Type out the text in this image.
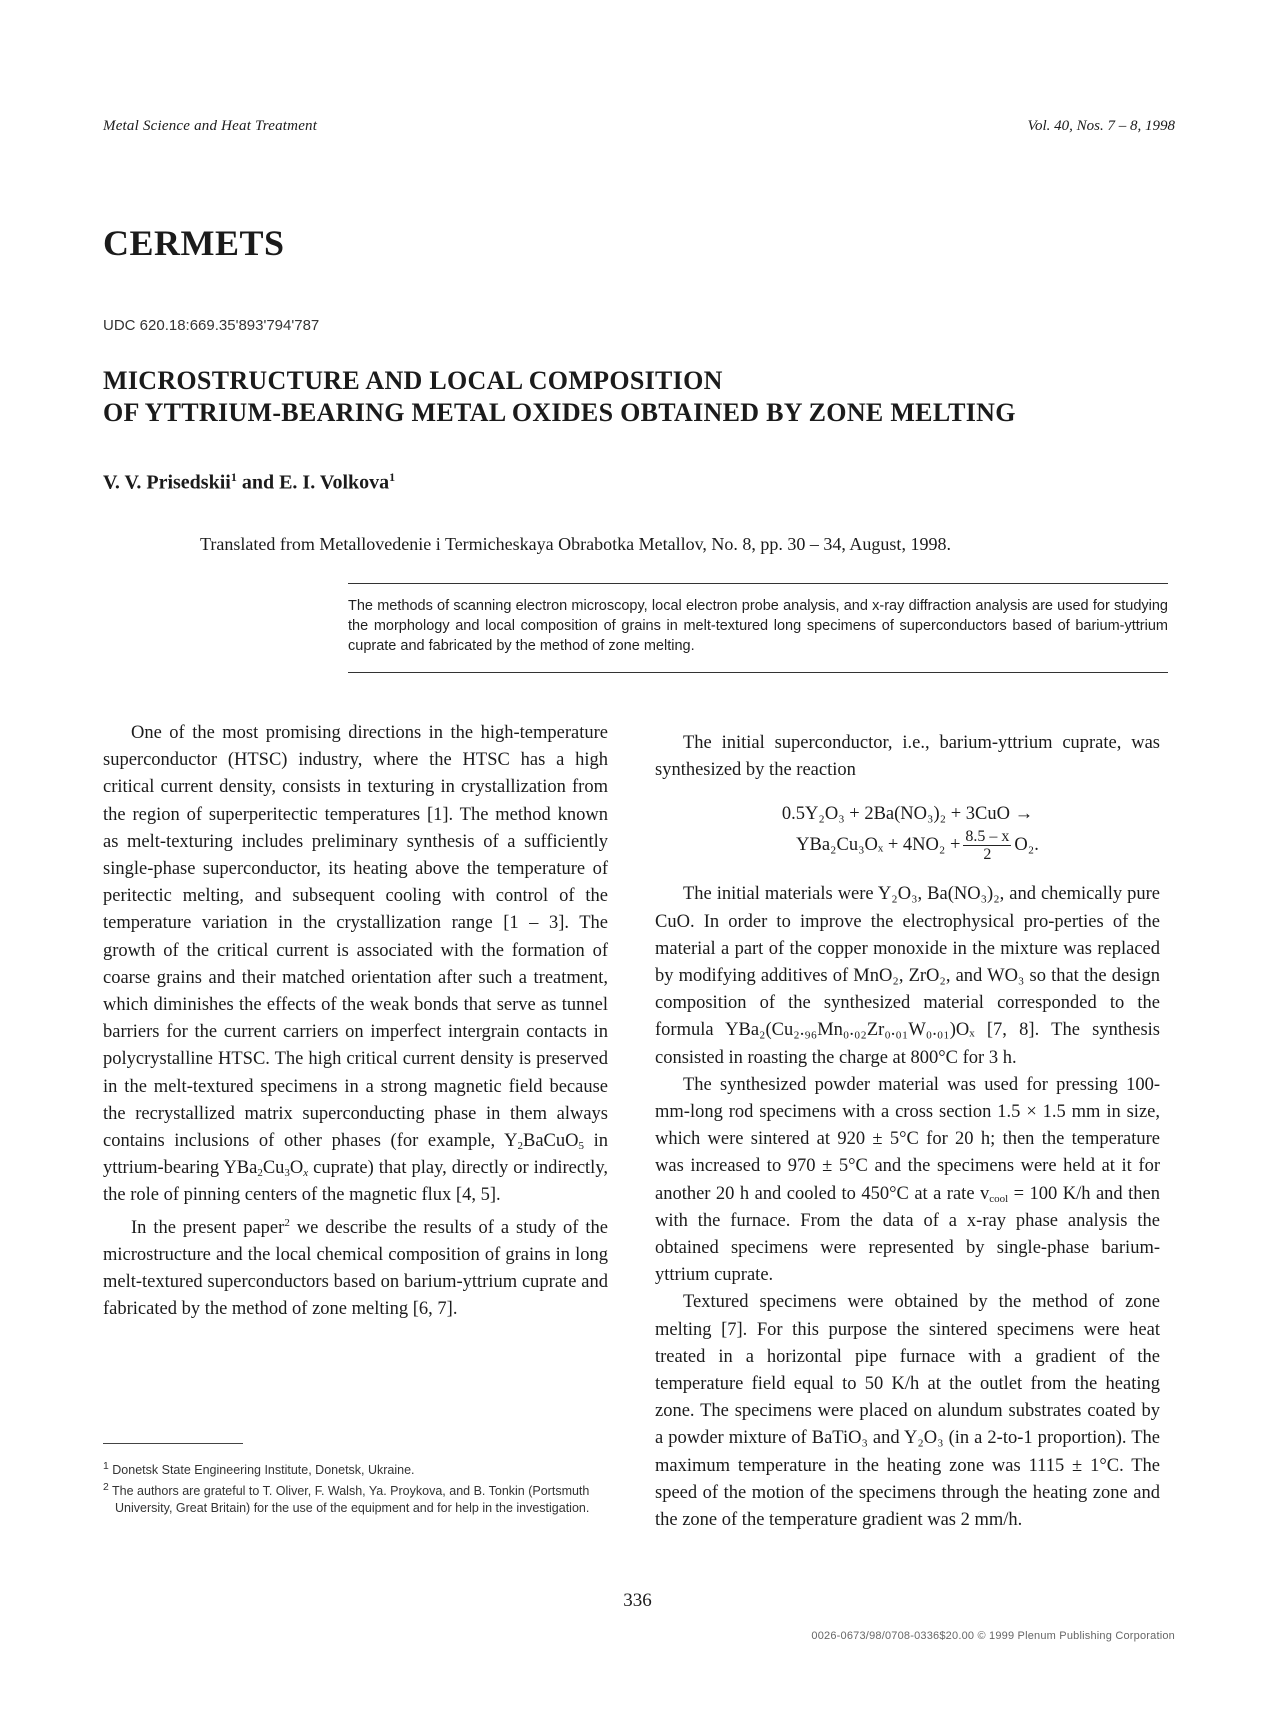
Metal Science and Heat Treatment	Vol. 40, Nos. 7 – 8, 1998
CERMETS
UDC 620.18:669.35'893'794'787
MICROSTRUCTURE AND LOCAL COMPOSITION
OF YTTRIUM-BEARING METAL OXIDES OBTAINED BY ZONE MELTING
V. V. Prisedskii$^1$ and E. I. Volkova$^1$
Translated from Metallovedenie i Termicheskaya Obrabotka Metallov, No. 8, pp. 30 – 34, August, 1998.
The methods of scanning electron microscopy, local electron probe analysis, and x-ray diffraction analysis are used for studying the morphology and local composition of grains in melt-textured long specimens of superconductors based of barium-yttrium cuprate and fabricated by the method of zone melting.

One of the most promising directions in the high-temperature superconductor (HTSC) industry, where the HTSC has a high critical current density, consists in texturing in crystallization from the region of superperitectic temperatures [1]. The method known as melt-texturing includes preliminary synthesis of a sufficiently single-phase superconductor, its heating above the temperature of peritectic melting, and subsequent cooling with control of the temperature variation in the crystallization range [1 – 3]. The growth of the critical current is associated with the formation of coarse grains and their matched orientation after such a treatment, which diminishes the effects of the weak bonds that serve as tunnel barriers for the current carriers on imperfect intergrain contacts in polycrystalline HTSC. The high critical current density is preserved in the melt-textured specimens in a strong magnetic field because the recrystallized matrix superconducting phase in them always contains inclusions of other phases (for example, $Y_2BaCuO_5$ in yttrium-bearing $YBa_2Cu_3O_x$ cuprate) that play, directly or indirectly, the role of pinning centers of the magnetic flux [4, 5].

In the present paper$^2$ we describe the results of a study of the microstructure and the local chemical composition of grains in long melt-textured superconductors based on barium-yttrium cuprate and fabricated by the method of zone melting [6, 7].

$^1$ Donetsk State Engineering Institute, Donetsk, Ukraine.
$^2$ The authors are grateful to T. Oliver, F. Walsh, Ya. Proykova, and B. Tonkin (Portsmuth University, Great Britain) for the use of the equipment and for help in the investigation.

The initial superconductor, i.e., barium-yttrium cuprate, was synthesized by the reaction

0.5Y₂O₃ + 2Ba(NO₃)₂ + 3CuO →
$YBa_2Cu_3O_x + 4NO_2 + \frac{8.5 - x}{2} O_2$.

The initial materials were Y₂O₃, Ba(NO₃)₂, and chemically pure CuO. In order to improve the electrophysical pro-perties of the material a part of the copper monoxide in the mixture was replaced by modifying additives of MnO₂, ZrO₂, and WO₃ so that the design composition of the synthesized material corresponded to the formula YBa₂(Cu₂.₉₆Mn₀.₀₂Zr₀.₀₁W₀.₀₁)Oₓ [7, 8]. The synthesis consisted in roasting the charge at 800°C for 3 h.

The synthesized powder material was used for pressing 100-mm-long rod specimens with a cross section 1.5 × 1.5 mm in size, which were sintered at 920 ± 5°C for 20 h; then the temperature was increased to 970 ± 5°C and the specimens were held at it for another 20 h and cooled to 450°C at a rate $v_{cool} = 100$ K/h and then with the furnace. From the data of a x-ray phase analysis the obtained specimens were represented by single-phase barium-yttrium cuprate.

Textured specimens were obtained by the method of zone melting [7]. For this purpose the sintered specimens were heat treated in a horizontal pipe furnace with a gradient of the temperature field equal to 50 K/h at the outlet from the heating zone. The specimens were placed on alundum substrates coated by a powder mixture of BaTiO₃ and Y₂O₃ (in a 2-to-1 proportion). The maximum temperature in the heating zone was 1115 ± 1°C. The speed of the motion of the specimens through the heating zone and the zone of the temperature gradient was 2 mm/h.

336
0026-0673/98/0708-0336$20.00 © 1999 Plenum Publishing Corporation
